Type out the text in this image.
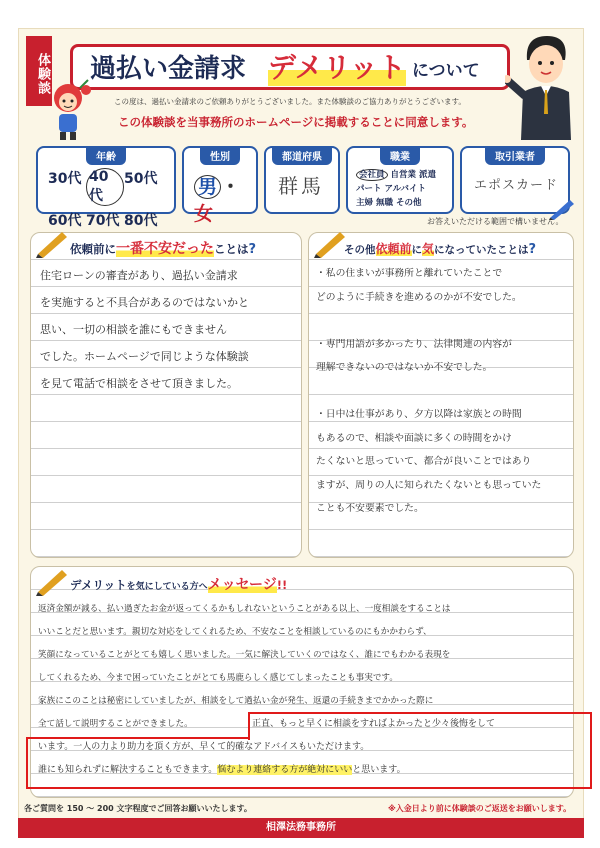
体験談 過払い金請求 デメリット について
この度は、過払い金請求のご依頼ありがとうございました。また体験談のご協力ありがとうございます。
この体験談を当事務所のホームページに掲載することに同意します。
年齢
30代 40代
50代
60代 70代 80代
性別
男 ・女
都道府県
群馬
職業
会社員 自営業 派遣
パート アルバイト
主婦 無職 その他
取引業者
エポスカード
お答えいただける範囲で構いません。
依頼前に一番不安だったことは?
住宅ローンの審査があり、過払い金請求
を実施すると不具合があるのではないかと
思い、一切の相談を誰にもできません
でした。ホームページで同じような体験談
を見て電話で相談をさせて頂きました。
その他依頼前に気になっていたことは?
・私の住まいが事務所と離れていたことで
どのように手続きを進めるのかが不安でした。
・専門用語が多かったり、法律関連の内容が
理解できないのではないか不安でした。
・日中は仕事があり、夕方以降は家族との時間
もあるので、相談や面談に多くの時間をかけ
たくないと思っていて、都合が良いことではあり
ますが、周りの人に知られたくないとも思っていた
ことも不安要素でした。
デメリットを気にしている方へメッセージ!!
返済金額が減る、払い過ぎたお金が返ってくるかもしれないということがある以上、一度相談をすることは
いいことだと思います。親切な対応をしてくれるため、不安なことを相談しているのにもかかわらず、
笑顔になっていることがとても嬉しく思いました。一気に解決していくのではなく、誰にでもわかる表現を
してくれるため、今まで困っていたことがとても馬鹿らしく感じてしまったことも事実です。
家族にこのことは秘密にしていましたが、相談をして過払い金が発生、返還の手続きまでかかった際に
全て話して説明することができました。	正直、もっと早くに相談をすればよかったと少々後悔をして
います。一人の力より助力を頂く方が、早くて的確なアドバイスもいただけます。
誰にも知られずに解決することもできます。悩むより連絡する方が絶対にいいと思います。
各ご質問を 150 〜 200 文字程度でご回答お願いいたします。	※入金日より前に体験談のご返送をお願いします。
相澤法務事務所
